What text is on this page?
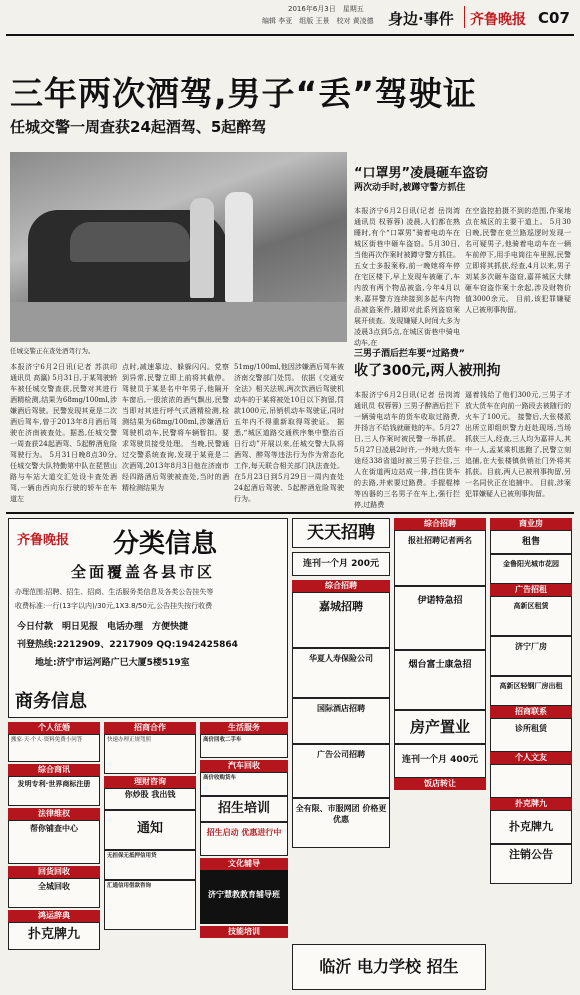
2016年6月3日　星期五
编辑 李亚　组版 王景　校对 黄凌德 身边·事件 齐鲁晚报 C07
三年两次酒驾,男子“丢”驾驶证
任城交警一周查获24起酒驾、5起醉驾
任城交警正在查处酒驾行为。
本报济宁6月2日讯(记者 苏洪印 通讯员 高瀛) 5月31日,于某驾驶轿车被任城交警查获,民警对其进行酒精检测,结果为68mg/100ml,涉嫌酒后驾驶。民警发现其竟是二次酒后驾车,曾于2013年8月酒后驾驶在济南被查处。据悉,任城交警一周查获24起酒驾、5起醉酒危险驾驶行为。 5月31日晚8点30分,任城交警大队特勤第中队在琵琶山路与车站大道交汇处设卡查处酒驾,一辆由西向东行驶的轿车在车道左
点时,减速靠边、躲躲闪闪。党察到异常,民警立即上前将其截停。 驾驶员于某是名中年男子,他隔开车窗后,一股浓浓的酒气飘出,民警当即对其进行呼气式酒精检测,检测结果为68mg/100ml,涉嫌酒后驾驶机动车,民警将车辆暂扣。要求驾驶员接受处理。 当晚,民警通过交警系统查询,发现于某竟是二次酒驾,2013年8月3日他在济南市经四路酒后驾驶被查处,当时的酒精检测结果为
51mg/100ml,他因涉嫌酒后驾车被济南交警部门处罚。 依据《交通安全法》相关法规,两次饮酒后驾驶机动车的于某将被处10日以下拘留,罚款1000元,吊销机动车驾驶证,同时五年内不得重新取得驾驶证。 据悉,“城区道路交通秩序集中整治百日行动”开展以来,任城交警大队将酒驾、醉驾等违法行为作为常态化工作,每天联合相关部门执法查处。在5月23日到5月29日一周内查处24起酒后驾驶、5起醉酒危险驾驶行为。
“口罩男”凌晨砸车盗窃
两次动手时,被蹲守警方抓住
本报济宁6月2日讯(记者 岳岗湾 通讯员 权蓉蓉) 凌晨,人们都在熟睡时,有个“口罩男”骑着电动车在城区街巷中砸车盗窃。5月30日,当他再次作案时被蹲守警方抓住。 五女士多报案称,前一晚她将车停在宅区楼下,早上发现车被砸了,车内放有两个物品被盗,今年4月以来,嘉祥警方连续接到多起车内物品被盗案件,随即对此系列盗窃案展开侦查。发现嫌疑人时间大多为凌晨3点到5点,在城区街巷中骑电动车,在
在空盗控拍摄不到的范围,作案地点在城区的主要干道上。 5月30日晚,民警在竞兰路巡逻时发现一名可疑男子,他骑着电动车在一辆车前停下,用手电筒往车里照,民警立即将其抓获,经查,4月以来,男子刘某多次砸车盗窃,嘉祥城区大肆砸车窃盗作案十余起,涉及财物价值3000余元。 目前,该犯罪嫌疑人已被刑事拘留。
三男子酒后拦车要“过路费”
收了300元,两人被刑拘
本报济宁6月2日讯(记者 岳岗湾 通讯员 权蓉蓉) 三男子醉酒后拦下一辆骑电动车的货车收取过路费,并扬言不给钱就砸他的车。5月27日,三人作案时被民警一举抓获。 5月27日凌晨2时许,一外地大货车途经338省道时被三男子拦住,三人在街道两边站成一排,挡住货车的去路,并索要过路费。手握棍棒等凶器的三名男子在车上,强行拦停,过路费
逼着钱给了他们300元,三男子才放大货车在向前一路段去被随行的火车了100元。 接警后,大张楼派出所立即组织警力赶赴现场,当场抓获三人,经查,三人均为嘉祥人,其中一人,孟某乘机逃跑了,民警立刻追捕,在大张楼镇供销社门外将其抓获。目前,两人已被刑事拘留,另一名同伙正在追捕中。 目前,涉案犯罪嫌疑人已被刑事拘留。
齐鲁晚报 分类信息
全面覆盖各县市区
办理范围:招聘、招生、招商、生活服务类信息及各类公告挂失等
收费标准:一行(13字以内)/30元,1X3.8/50元,公告挂失按行收费
今日付款　明日见报　电话办理　方便快捷
刊登热线:2212909、2217909 QQ:1942425864
地址:济宁市运河路广巳大厦5楼519室
商务信息
个人征婚
搬家·天·个人·资料免费小问答
综合商讯
发明专利·世界商标注册
法律维权
帮你铺查中心
回货回收
全城回收
鸿运辞典
扑克牌九
招商合作
快速办理正规驾照
理财咨询
你炒股 我出钱
通知
无担保无抵押信用贷
汇通信用借款咨询
生活服务
高价回收二手车
汽车回收
高价收购货车
招生培训
招生启动 优惠进行中
文化辅导
济宁慧教教育辅导班
技能培训
天天招聘
连刊一个月 200元
综合招聘
嘉城招聘
华夏人寿保险公司
国际酒店招聘
广告公司招聘
全有限、市服网团 价格更优惠
综合招聘
报社招聘记者两名
伊诺特急招
烟台富士康急招
房产置业
连刊一个月 400元
饭店转让
商业房
租售
金鲁阳光城市花园
广告招租
高新区租赁
济宁厂房
高新区轻钢厂房出租
招商联系
诊所租赁
个人文友
扑克牌九
扑克牌九
注销公告
临沂 电力学校 招生
